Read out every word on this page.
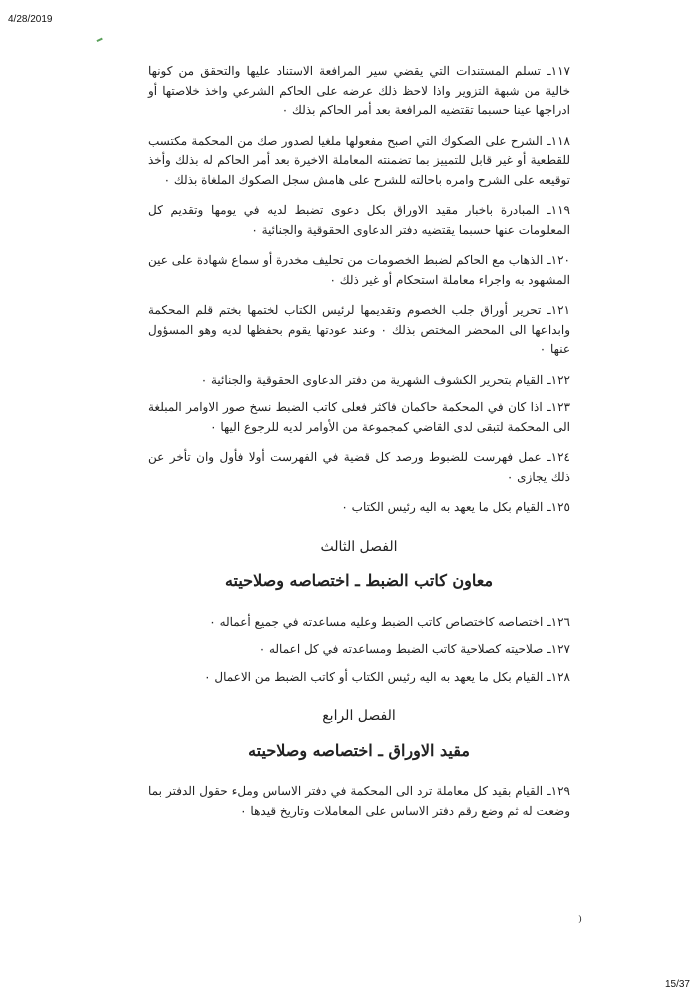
4/28/2019
١١٧ـ تسلم المستندات التي يقضي سير المرافعة الاستناد عليها والتحقق من كونها خالية من شبهة التزوير واذا لاحظ ذلك عرضه على الحاكم الشرعي واخذ خلاصتها أو ادراجها عينا حسبما تقتضيه المرافعة بعد أمر الحاكم بذلك ٠
١١٨ـ الشرح على الصكوك التي اصبح مفعولها ملغيا لصدور صك من المحكمة مكتسب للقطعية أو غير قابل للتمييز بما تضمنته المعاملة الاخيرة بعد أمر الحاكم له بذلك وأخذ توقيعه على الشرح وامره باحالته للشرح على هامش سجل الصكوك الملغاة بذلك ٠
١١٩ـ المبادرة باخبار مقيد الاوراق بكل دعوى تضبط لديه في يومها وتقديم كل المعلومات عنها حسبما يقتضيه دفتر الدعاوى الحقوقية والجنائية ٠
١٢٠ـ الذهاب مع الحاكم لضبط الخصومات من تحليف مخدرة أو سماع شهادة على عين المشهود به واجراء معاملة استحكام أو غير ذلك ٠
١٢١ـ تحرير أوراق جلب الخصوم وتقديمها لرئيس الكتاب لختمها بختم قلم المحكمة وابداعها الى المحضر المختص بذلك ٠ وعند عودتها يقوم بحفظها لديه وهو المسؤول عنها ٠
١٢٢ـ القيام بتحرير الكشوف الشهرية من دفتر الدعاوى الحقوقية والجنائية ٠
١٢٣ـ اذا كان في المحكمة حاكمان فاكثر فعلى كاتب الضبط نسخ صور الاوامر المبلغة الى المحكمة لتبقى لدى القاضي كمجموعة من الأوامر لديه للرجوع اليها ٠
١٢٤ـ عمل فهرست للضبوط ورصد كل قضية في الفهرست أولا فأول وان تأخر عن ذلك يجازى ٠
١٢٥ـ القيام بكل ما يعهد به اليه رئيس الكتاب ٠
الفصل الثالث
معاون كاتب الضبط ـ اختصاصه وصلاحيته
١٢٦ـ اختصاصه كاختصاص كاتب الضبط وعليه مساعدته في جميع أعماله ٠
١٢٧ـ صلاحيته كصلاحية كاتب الضبط ومساعدته في كل اعماله ٠
١٢٨ـ القيام بكل ما يعهد به اليه رئيس الكتاب أو كاتب الضبط من الاعمال ٠
الفصل الرابع
مقيد الاوراق ـ اختصاصه وصلاحيته
١٢٩ـ القيام بقيد كل معاملة ترد الى المحكمة في دفتر الاساس وملء حقول الدفتر بما وضعت له ثم وضع رقم دفتر الاساس على المعاملات وتاريخ قيدها ٠
⁾
15/37
